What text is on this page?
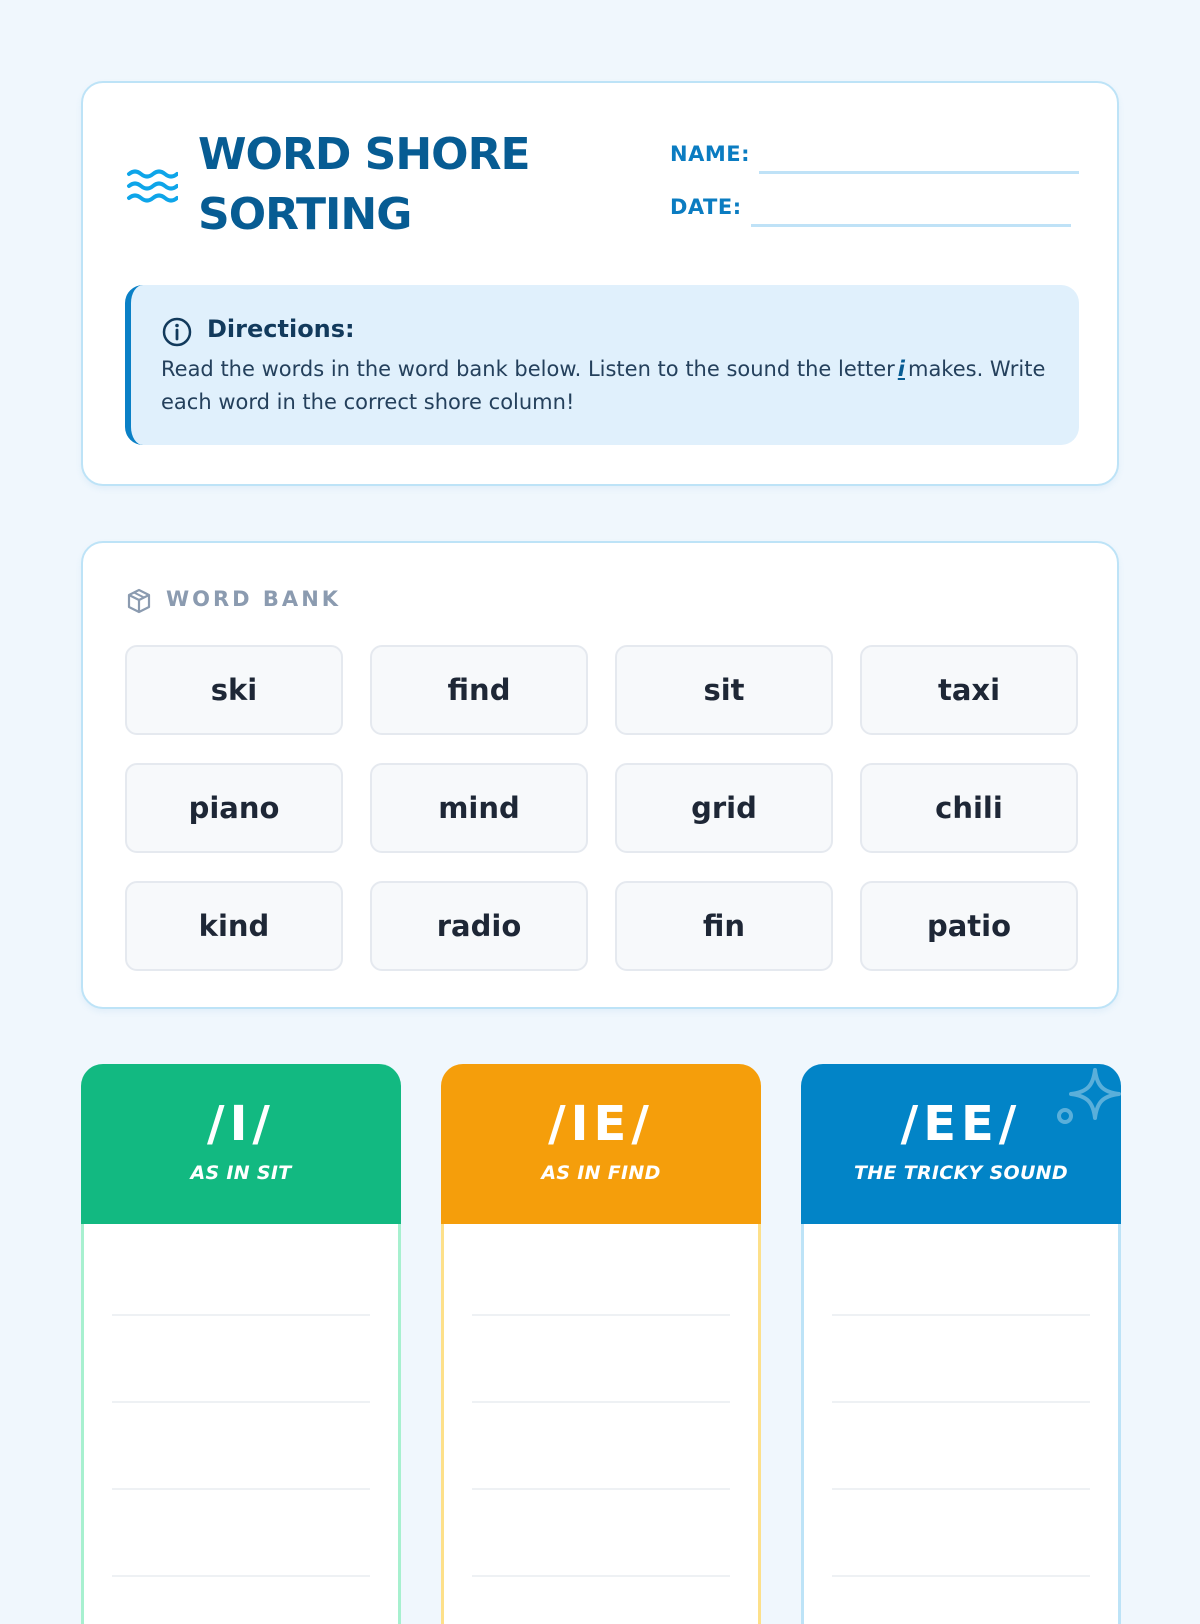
WORD SHORE
SORTING
NAME:
DATE:
Directions:
Read the words in the word bank below. Listen to the sound the letter i makes. Write each word in the correct shore column!
WORD BANK
ski	find	sit	taxi
piano	mind	grid	chili
kind	radio	fin	patio
/I/
AS IN SIT
/IE/
AS IN FIND
/EE/
THE TRICKY SOUND
